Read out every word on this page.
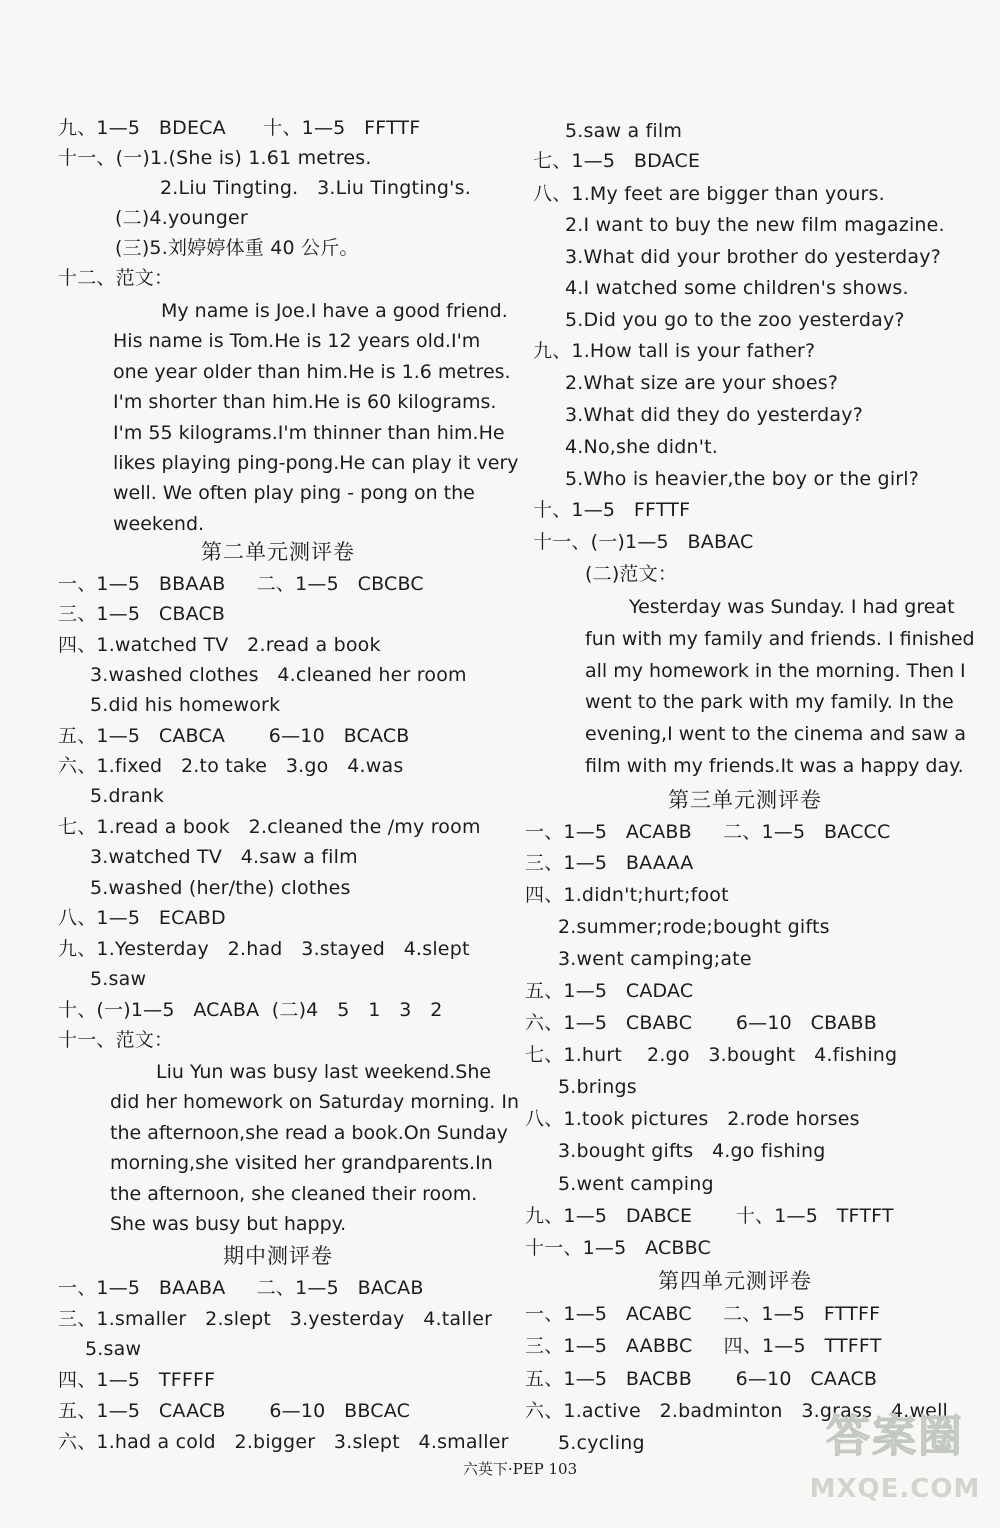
九、1—5   BDECA      十、1—5   FFTTF
十一、(一)1.(She is) 1.61 metres.
2.Liu Tingting.   3.Liu Tingting's.
(二)4.younger
(三)5.刘婷婷体重 40 公斤。
十二、范文：

My name is Joe.I have a good friend.

His name is Tom.He is 12 years old.I'm

one year older than him.He is 1.6 metres.

I'm shorter than him.He is 60 kilograms.

I'm 55 kilograms.I'm thinner than him.He

likes playing ping-pong.He can play it very

well. We often play ping - pong on the

weekend.

第二单元测评卷
一、1—5   BBAAB     二、1—5   CBCBC
三、1—5   CBACB
四、1.watched TV   2.read a book
3.washed clothes   4.cleaned her room
5.did his homework
五、1—5   CABCA       6—10   BCACB
六、1.fixed   2.to take   3.go   4.was
5.drank
七、1.read a book   2.cleaned the /my room
3.watched TV   4.saw a film
5.washed (her/the) clothes
八、1—5   ECABD
九、1.Yesterday   2.had   3.stayed   4.slept
5.saw
十、(一)1—5   ACABA  (二)4   5   1   3   2
十一、范文：

Liu Yun was busy last weekend.She

did her homework on Saturday morning. In

the afternoon,she read a book.On Sunday

morning,she visited her grandparents.In

the afternoon, she cleaned their room.

She was busy but happy.

期中测评卷
一、1—5   BAABA     二、1—5   BACAB
三、1.smaller   2.slept   3.yesterday   4.taller
5.saw
四、1—5   TFFFF
五、1—5   CAACB       6—10   BBCAC
六、1.had a cold   2.bigger   3.slept   4.smaller
5.saw a film
七、1—5   BDACE
八、1.My feet are bigger than yours.
2.I want to buy the new film magazine.
3.What did your brother do yesterday?
4.I watched some children's shows.
5.Did you go to the zoo yesterday?
九、1.How tall is your father?
2.What size are your shoes?
3.What did they do yesterday?
4.No,she didn't.
5.Who is heavier,the boy or the girl?
十、1—5   FFTTF
十一、(一)1—5   BABAC
(二)范文：

Yesterday was Sunday. I had great

fun with my family and friends. I finished

all my homework in the morning. Then I

went to the park with my family. In the

evening,I went to the cinema and saw a

film with my friends.It was a happy day.

第三单元测评卷
一、1—5   ACABB     二、1—5   BACCC
三、1—5   BAAAA
四、1.didn't;hurt;foot
2.summer;rode;bought gifts
3.went camping;ate
五、1—5   CADAC
六、1—5   CBABC       6—10   CBABB
七、1.hurt    2.go   3.bought   4.fishing
5.brings
八、1.took pictures   2.rode horses
3.bought gifts   4.go fishing
5.went camping
九、1—5   DABCE       十、1—5   TFTFT
十一、1—5   ACBBC
第四单元测评卷
一、1—5   ACABC     二、1—5   FTTFF
三、1—5   AABBC     四、1—5   TTFFT
五、1—5   BACBB       6—10   CAACB
六、1.active   2.badminton   3.grass   4.well
5.cycling
六英下·PEP 103
答案圈
MXQE.COM
